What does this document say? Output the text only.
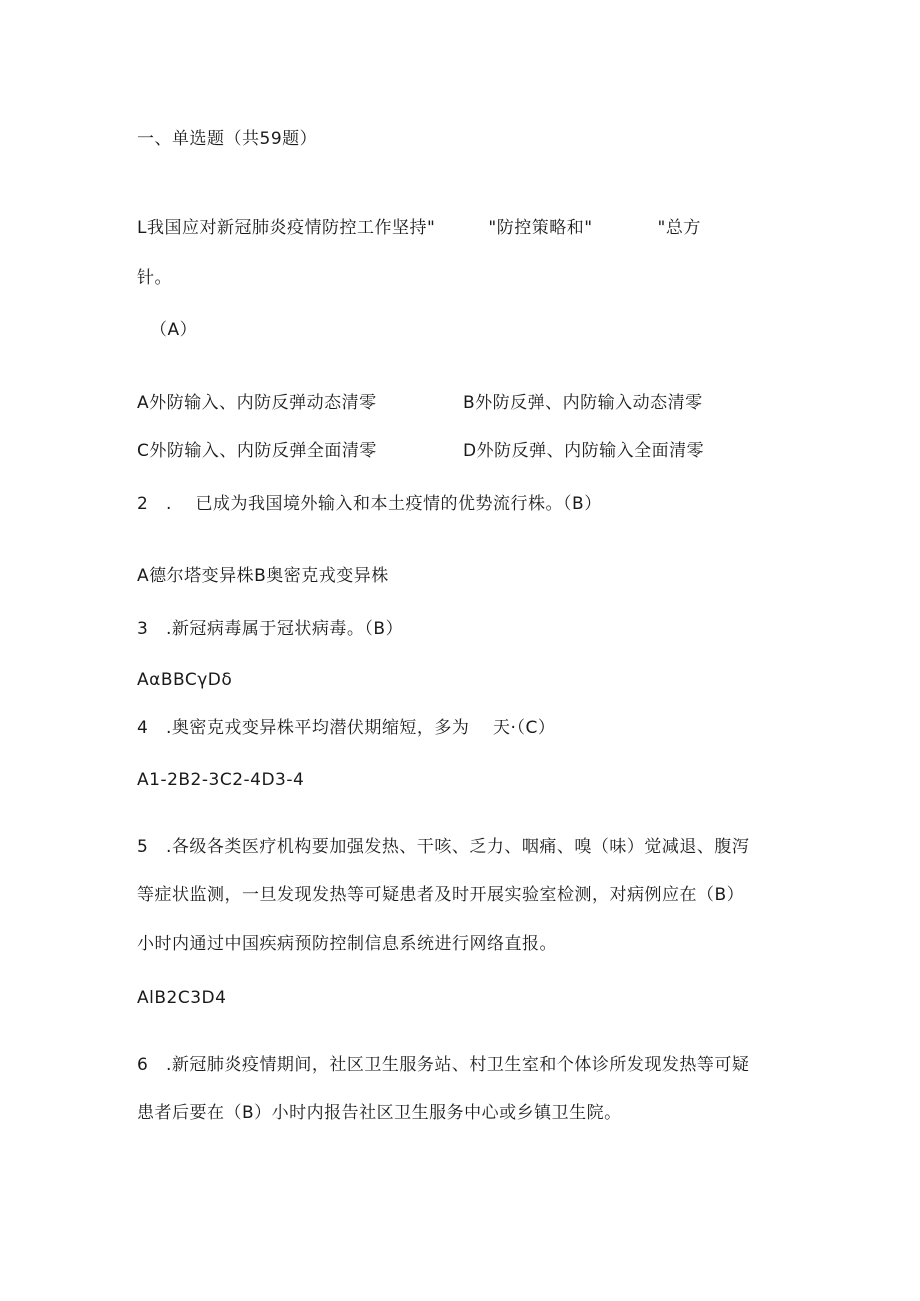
一、单选题（共59题）
L我国应对新冠肺炎疫情防控工作坚持"         "防控策略和"           "总方
针。
（A）
A外防输入、内防反弹动态清零	B外防反弹、内防输入动态清零
C外防输入、内防反弹全面清零	D外防反弹、内防输入全面清零
2   .    已成为我国境外输入和本土疫情的优势流行株。（B）
A德尔塔变异株B奥密克戎变异株
3   .新冠病毒属于冠状病毒。（B）
AαBBCγDδ
4   .奥密克戎变异株平均潜伏期缩短，多为    天·（C）
A1-2B2-3C2-4D3-4
5   .各级各类医疗机构要加强发热、干咳、乏力、咽痛、嗅（味）觉减退、腹泻
等症状监测，一旦发现发热等可疑患者及时开展实验室检测，对病例应在（B）
小时内通过中国疾病预防控制信息系统进行网络直报。
AlB2C3D4
6   .新冠肺炎疫情期间，社区卫生服务站、村卫生室和个体诊所发现发热等可疑
患者后要在（B）小时内报告社区卫生服务中心或乡镇卫生院。
